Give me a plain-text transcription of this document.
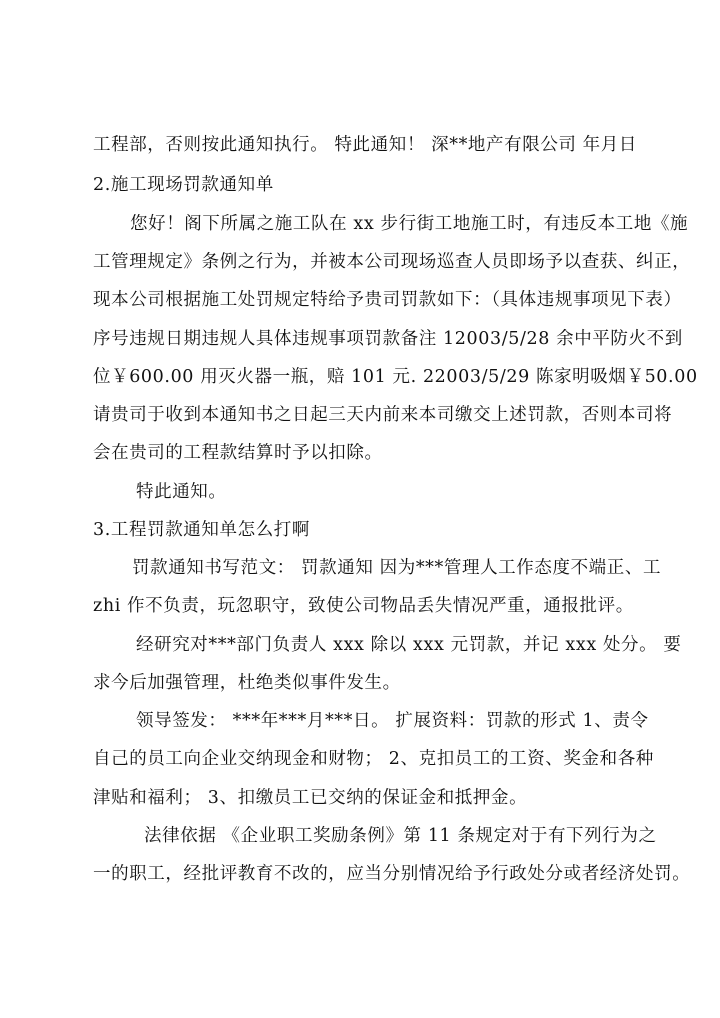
工程部，否则按此通知执行。 特此通知！ 深**地产有限公司 年月日
2.施工现场罚款通知单
您好！阁下所属之施工队在 xx 步行街工地施工时，有违反本工地《施
工管理规定》条例之行为，并被本公司现场巡查人员即场予以查获、纠正，
现本公司根据施工处罚规定特给予贵司罚款如下：（具体违规事项见下表）
序号违规日期违规人具体违规事项罚款备注 12003/5/28 余中平防火不到
位￥600.00 用灭火器一瓶，赔 101 元. 22003/5/29 陈家明吸烟￥50.00
请贵司于收到本通知书之日起三天内前来本司缴交上述罚款，否则本司将
会在贵司的工程款结算时予以扣除。
特此通知。
3.工程罚款通知单怎么打啊
罚款通知书写范文： 罚款通知 因为***管理人工作态度不端正、工
zhi 作不负责，玩忽职守，致使公司物品丢失情况严重，通报批评。
经研究对***部门负责人 xxx 除以 xxx 元罚款，并记 xxx 处分。 要
求今后加强管理，杜绝类似事件发生。
领导签发： ***年***月***日。 扩展资料：罚款的形式 1、责令
自己的员工向企业交纳现金和财物； 2、克扣员工的工资、奖金和各种
津贴和福利； 3、扣缴员工已交纳的保证金和抵押金。
法律依据 《企业职工奖励条例》第 11 条规定对于有下列行为之
一的职工，经批评教育不改的，应当分别情况给予行政处分或者经济处罚。
